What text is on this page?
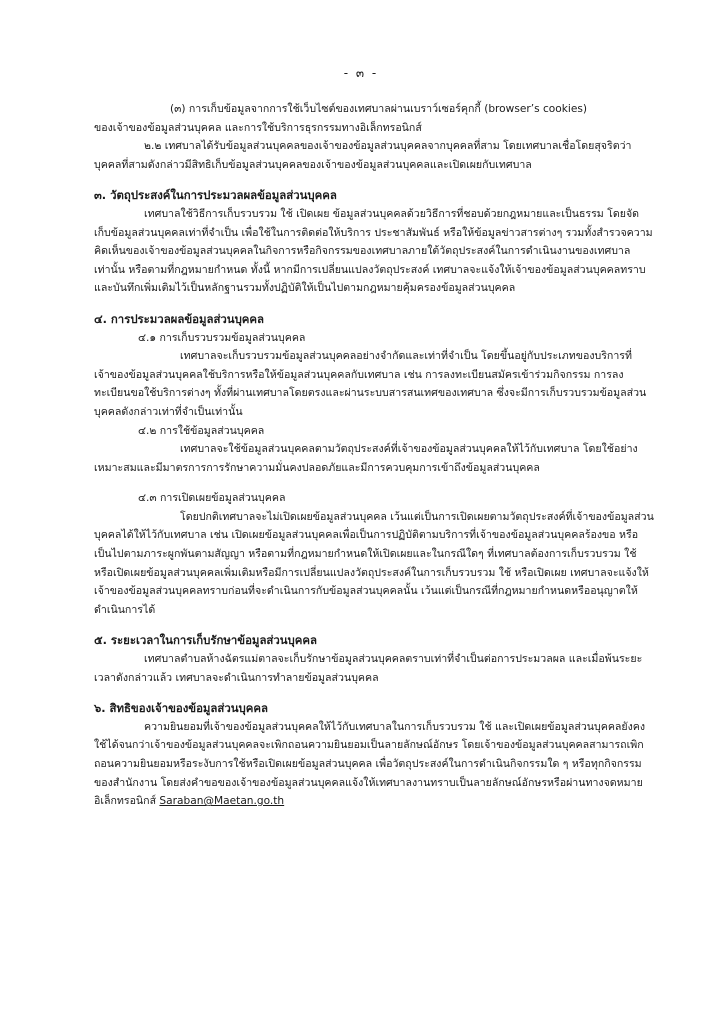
- ๓ -

(๓) การเก็บข้อมูลจากการใช้เว็บไซต์ของเทศบาลผ่านเบราว์เซอร์คุกกี้ (browser’s cookies)

ของเจ้าของข้อมูลส่วนบุคคล และการใช้บริการธุรกรรมทางอิเล็กทรอนิกส์

๒.๒ เทศบาลได้รับข้อมูลส่วนบุคคลของเจ้าของข้อมูลส่วนบุคคลจากบุคคลที่สาม โดยเทศบาลเชื่อโดยสุจริตว่าบุคคลที่สามดังกล่าวมีสิทธิเก็บข้อมูลส่วนบุคคลของเจ้าของข้อมูลส่วนบุคคลและเปิดเผยกับเทศบาล

๓. วัตถุประสงค์ในการประมวลผลข้อมูลส่วนบุคคล

เทศบาลใช้วิธีการเก็บรวบรวม ใช้ เปิดเผย ข้อมูลส่วนบุคคลด้วยวิธีการที่ชอบด้วยกฎหมายและเป็นธรรม โดยจัดเก็บข้อมูลส่วนบุคคลเท่าที่จำเป็น เพื่อใช้ในการติดต่อให้บริการ ประชาสัมพันธ์ หรือให้ข้อมูลข่าวสารต่างๆ รวมทั้งสำรวจความคิดเห็นของเจ้าของข้อมูลส่วนบุคคลในกิจการหรือกิจกรรมของเทศบาลภายใต้วัตถุประสงค์ในการดำเนินงานของเทศบาลเท่านั้น หรือตามที่กฎหมายกำหนด ทั้งนี้ หากมีการเปลี่ยนแปลงวัตถุประสงค์ เทศบาลจะแจ้งให้เจ้าของข้อมูลส่วนบุคคลทราบ และบันทึกเพิ่มเติมไว้เป็นหลักฐานรวมทั้งปฏิบัติให้เป็นไปตามกฎหมายคุ้มครองข้อมูลส่วนบุคคล

๔. การประมวลผลข้อมูลส่วนบุคคล

๔.๑ การเก็บรวบรวมข้อมูลส่วนบุคคล

เทศบาลจะเก็บรวบรวมข้อมูลส่วนบุคคลอย่างจำกัดและเท่าที่จำเป็น โดยขึ้นอยู่กับประเภทของบริการที่เจ้าของข้อมูลส่วนบุคคลใช้บริการหรือให้ข้อมูลส่วนบุคคลกับเทศบาล เช่น การลงทะเบียนสมัครเข้าร่วมกิจกรรม การลงทะเบียนขอใช้บริการต่างๆ ทั้งที่ผ่านเทศบาลโดยตรงและผ่านระบบสารสนเทศของเทศบาล ซึ่งจะมีการเก็บรวบรวมข้อมูลส่วนบุคคลดังกล่าวเท่าที่จำเป็นเท่านั้น

๔.๒ การใช้ข้อมูลส่วนบุคคล

เทศบาลจะใช้ข้อมูลส่วนบุคคลตามวัตถุประสงค์ที่เจ้าของข้อมูลส่วนบุคคลให้ไว้กับเทศบาล โดยใช้อย่างเหมาะสมและมีมาตรการการรักษาความมั่นคงปลอดภัยและมีการควบคุมการเข้าถึงข้อมูลส่วนบุคคล

๔.๓ การเปิดเผยข้อมูลส่วนบุคคล

โดยปกติเทศบาลจะไม่เปิดเผยข้อมูลส่วนบุคคล เว้นแต่เป็นการเปิดเผยตามวัตถุประสงค์ที่เจ้าของข้อมูลส่วนบุคคลได้ให้ไว้กับเทศบาล เช่น เปิดเผยข้อมูลส่วนบุคคลเพื่อเป็นการปฏิบัติตามบริการที่เจ้าของข้อมูลส่วนบุคคลร้องขอ หรือเป็นไปตามภาระผูกพันตามสัญญา หรือตามที่กฎหมายกำหนดให้เปิดเผยและในกรณีใดๆ ที่เทศบาลต้องการเก็บรวบรวม ใช้ หรือเปิดเผยข้อมูลส่วนบุคคลเพิ่มเติมหรือมีการเปลี่ยนแปลงวัตถุประสงค์ในการเก็บรวบรวม ใช้ หรือเปิดเผย เทศบาลจะแจ้งให้เจ้าของข้อมูลส่วนบุคคลทราบก่อนที่จะดำเนินการกับข้อมูลส่วนบุคคลนั้น เว้นแต่เป็นกรณีที่กฎหมายกำหนดหรืออนุญาตให้ดำเนินการได้

๕. ระยะเวลาในการเก็บรักษาข้อมูลส่วนบุคคล

เทศบาลตำบลห้างฉัตรแม่ตาลจะเก็บรักษาข้อมูลส่วนบุคคลตราบเท่าที่จำเป็นต่อการประมวลผล และเมื่อพ้นระยะเวลาดังกล่าวแล้ว เทศบาลจะดำเนินการทำลายข้อมูลส่วนบุคคล

๖. สิทธิของเจ้าของข้อมูลส่วนบุคคล

ความยินยอมที่เจ้าของข้อมูลส่วนบุคคลให้ไว้กับเทศบาลในการเก็บรวบรวม ใช้ และเปิดเผยข้อมูลส่วนบุคคลยังคงใช้ได้จนกว่าเจ้าของข้อมูลส่วนบุคคลจะเพิกถอนความยินยอมเป็นลายลักษณ์อักษร โดยเจ้าของข้อมูลส่วนบุคคลสามารถเพิกถอนความยินยอมหรือระงับการใช้หรือเปิดเผยข้อมูลส่วนบุคคล เพื่อวัตถุประสงค์ในการดำเนินกิจกรรมใด ๆ หรือทุกกิจกรรมของสำนักงาน โดยส่งคำขอของเจ้าของข้อมูลส่วนบุคคลแจ้งให้เทศบาลงานทราบเป็นลายลักษณ์อักษรหรือผ่านทางจดหมายอิเล็กทรอนิกส์ Saraban@Maetan.go.th
